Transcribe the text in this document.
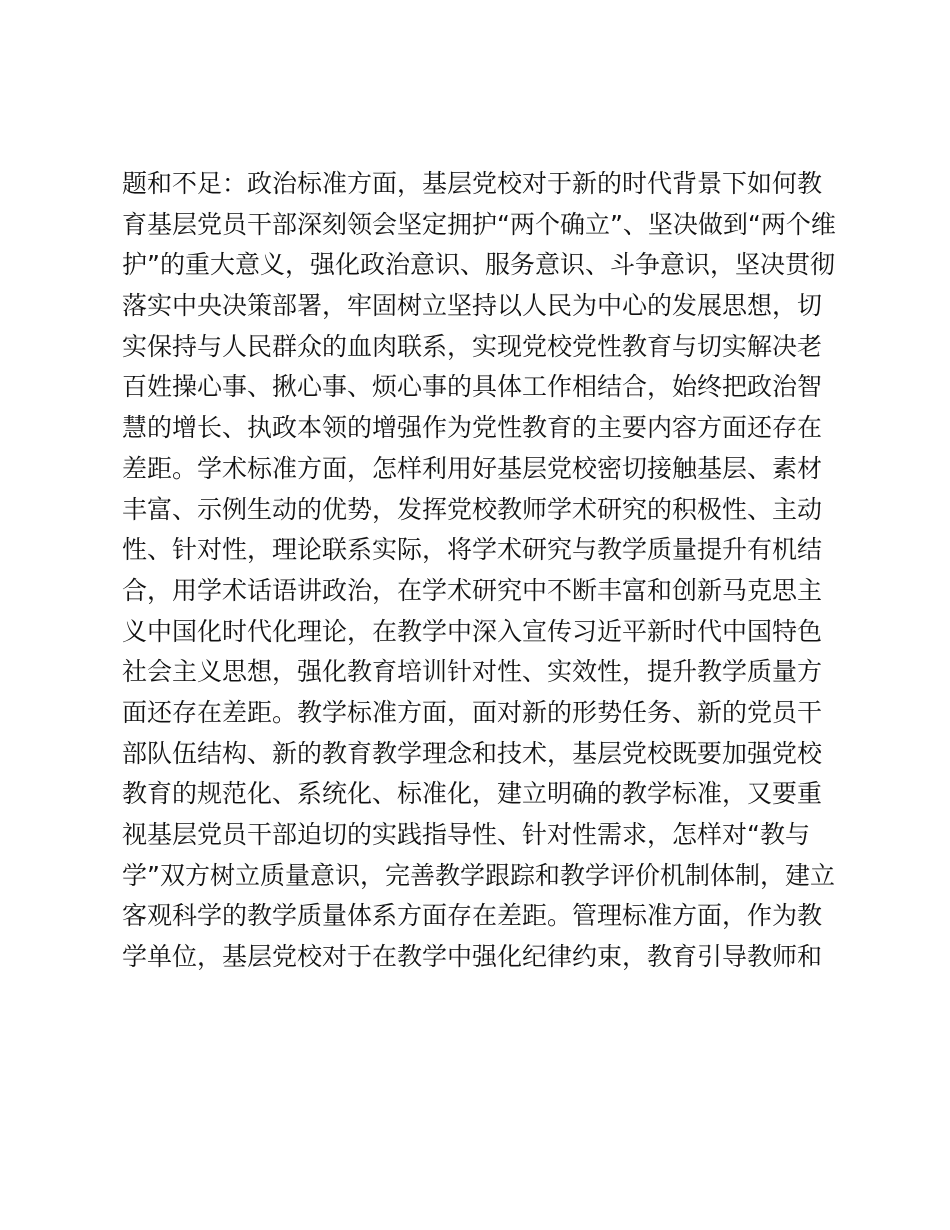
题和不足：政治标准方面，基层党校对于新的时代背景下如何教
育基层党员干部深刻领会坚定拥护“两个确立”、坚决做到“两个维
护”的重大意义，强化政治意识、服务意识、斗争意识，坚决贯彻
落实中央决策部署，牢固树立坚持以人民为中心的发展思想，切
实保持与人民群众的血肉联系，实现党校党性教育与切实解决老
百姓操心事、揪心事、烦心事的具体工作相结合，始终把政治智
慧的增长、执政本领的增强作为党性教育的主要内容方面还存在
差距。学术标准方面，怎样利用好基层党校密切接触基层、素材
丰富、示例生动的优势，发挥党校教师学术研究的积极性、主动
性、针对性，理论联系实际，将学术研究与教学质量提升有机结
合，用学术话语讲政治，在学术研究中不断丰富和创新马克思主
义中国化时代化理论，在教学中深入宣传习近平新时代中国特色
社会主义思想，强化教育培训针对性、实效性，提升教学质量方
面还存在差距。教学标准方面，面对新的形势任务、新的党员干
部队伍结构、新的教育教学理念和技术，基层党校既要加强党校
教育的规范化、系统化、标准化，建立明确的教学标准，又要重
视基层党员干部迫切的实践指导性、针对性需求，怎样对“教与
学”双方树立质量意识，完善教学跟踪和教学评价机制体制，建立
客观科学的教学质量体系方面存在差距。管理标准方面，作为教
学单位，基层党校对于在教学中强化纪律约束，教育引导教师和
